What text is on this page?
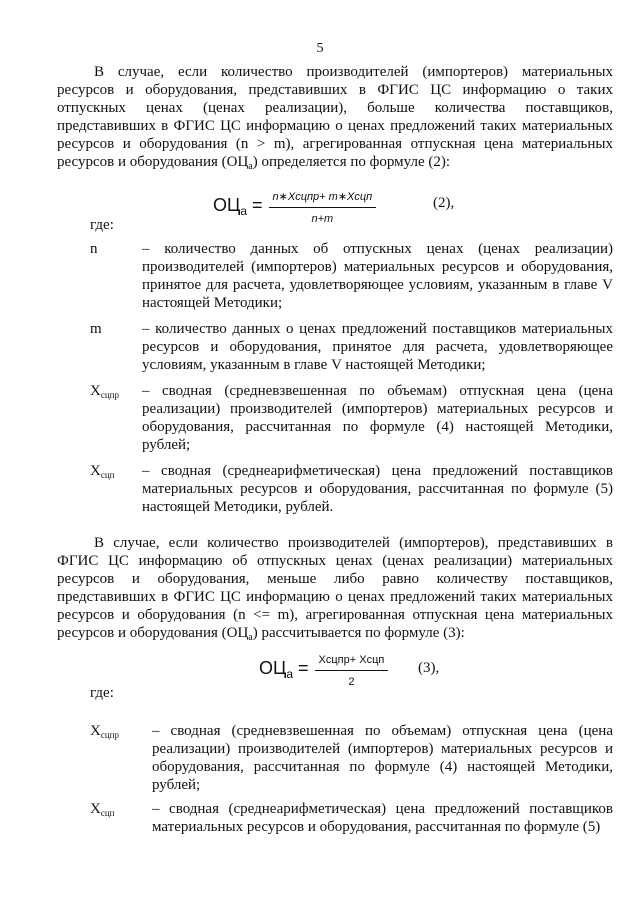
5
В случае, если количество производителей (импортеров) материальных ресурсов и оборудования, представивших в ФГИС ЦС информацию о таких отпускных ценах (ценах реализации), больше количества поставщиков, представивших в ФГИС ЦС информацию о ценах предложений таких материальных ресурсов и оборудования (n > m), агрегированная отпускная цена материальных ресурсов и оборудования $(ОЦ_а)$ определяется по формуле (2):
$ОЦ_а = \frac{\text{n∗Хсцпр+ m∗Хсцп}}{n+m}$	(2),
где:
n	– количество данных об отпускных ценах (ценах реализации) производителей (импортеров) материальных ресурсов и оборудования, принятое для расчета, удовлетворяющее условиям, указанным в главе V настоящей Методики;
m	– количество данных о ценах предложений поставщиков материальных ресурсов и оборудования, принятое для расчета, удовлетворяющее условиям, указанным в главе V настоящей Методики;
$Х_{сцпр}$	– сводная (средневзвешенная по объемам) отпускная цена (цена реализации) производителей (импортеров) материальных ресурсов и оборудования, рассчитанная по формуле (4) настоящей Методики, рублей;
$Х_{сцп}$	– сводная (среднеарифметическая) цена предложений поставщиков материальных ресурсов и оборудования, рассчитанная по формуле (5) настоящей Методики, рублей.
В случае, если количество производителей (импортеров), представивших в ФГИС ЦС информацию об отпускных ценах (ценах реализации) материальных ресурсов и оборудования, меньше либо равно количеству поставщиков, представивших в ФГИС ЦС информацию о ценах предложений таких материальных ресурсов и оборудования (n <= m), агрегированная отпускная цена материальных ресурсов и оборудования $(ОЦ_а)$ рассчитывается по формуле (3):
$ОЦ_а = \frac{\text{Хсцпр+ Хсцп}}{2} (3)$,
где:
$Х_{сцпр}$	– сводная (средневзвешенная по объемам) отпускная цена (цена реализации) производителей (импортеров) материальных ресурсов и оборудования, рассчитанная по формуле (4) настоящей Методики, рублей;
$Х_{сцп}$	– сводная (среднеарифметическая) цена предложений поставщиков материальных ресурсов и оборудования, рассчитанная по формуле (5)
